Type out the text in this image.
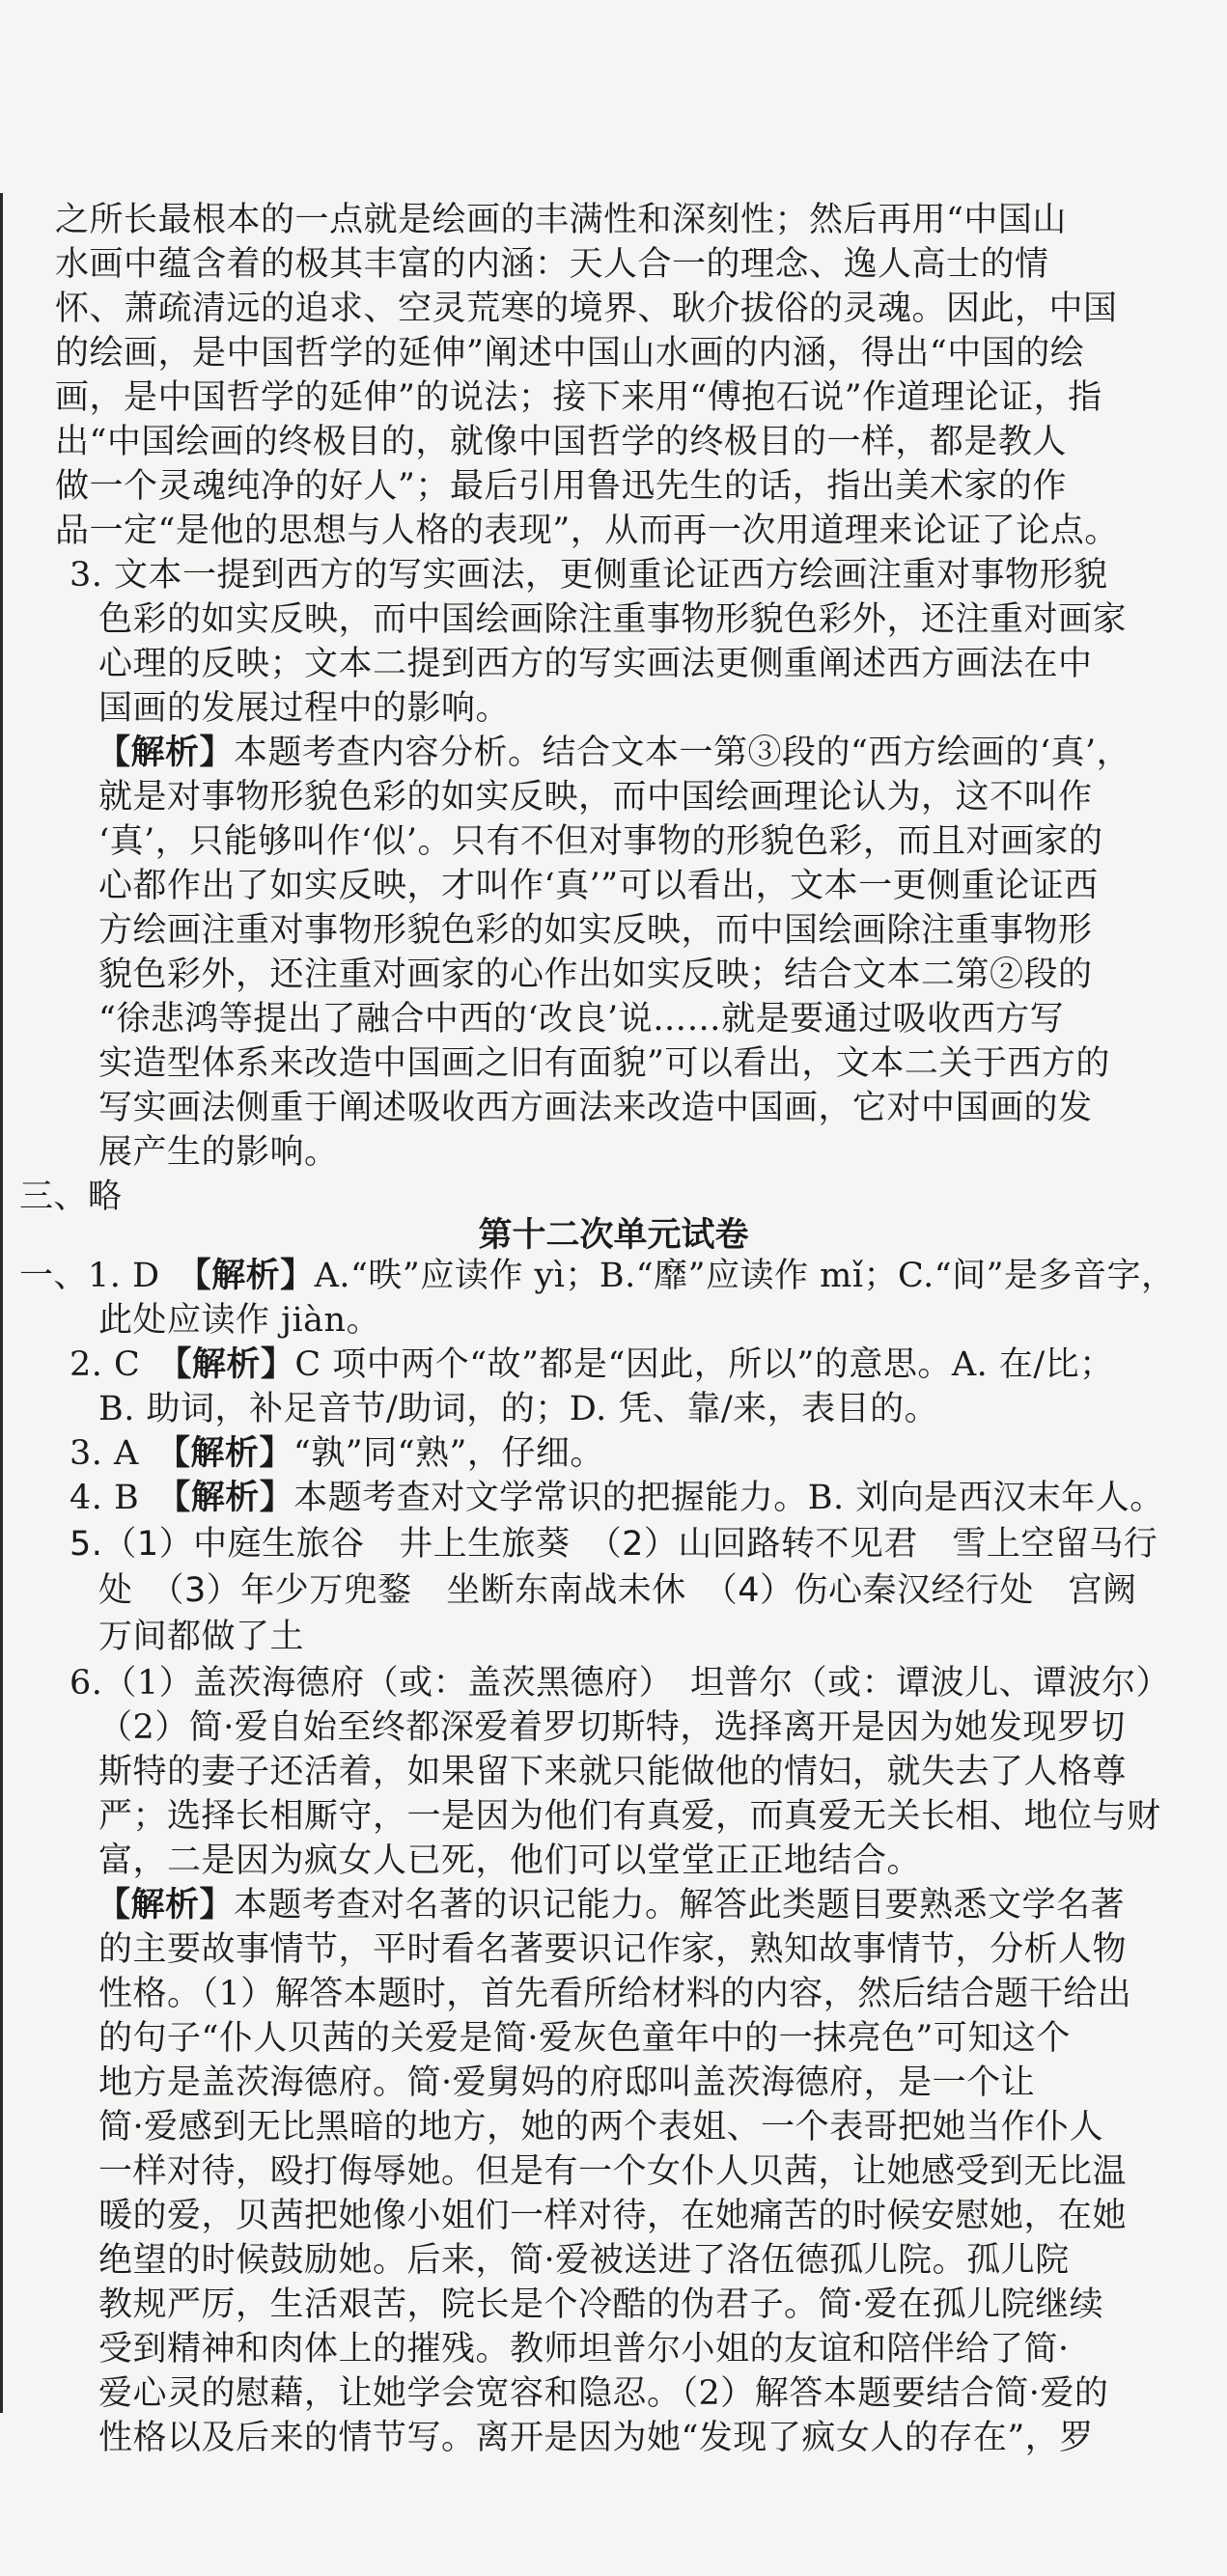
之所长最根本的一点就是绘画的丰满性和深刻性；然后再用“中国山
水画中蕴含着的极其丰富的内涵：天人合一的理念、逸人高士的情
怀、萧疏清远的追求、空灵荒寒的境界、耿介拔俗的灵魂。因此，中国
的绘画，是中国哲学的延伸”阐述中国山水画的内涵，得出“中国的绘
画，是中国哲学的延伸”的说法；接下来用“傅抱石说”作道理论证，指
出“中国绘画的终极目的，就像中国哲学的终极目的一样，都是教人
做一个灵魂纯净的好人”；最后引用鲁迅先生的话，指出美术家的作
品一定“是他的思想与人格的表现”，从而再一次用道理来论证了论点。
3. 文本一提到西方的写实画法，更侧重论证西方绘画注重对事物形貌
色彩的如实反映，而中国绘画除注重事物形貌色彩外，还注重对画家
心理的反映；文本二提到西方的写实画法更侧重阐述西方画法在中
国画的发展过程中的影响。
【解析】本题考查内容分析。结合文本一第③段的“西方绘画的‘真’，
就是对事物形貌色彩的如实反映，而中国绘画理论认为，这不叫作
‘真’，只能够叫作‘似’。只有不但对事物的形貌色彩，而且对画家的
心都作出了如实反映，才叫作‘真’”可以看出，文本一更侧重论证西
方绘画注重对事物形貌色彩的如实反映，而中国绘画除注重事物形
貌色彩外，还注重对画家的心作出如实反映；结合文本二第②段的
“徐悲鸿等提出了融合中西的‘改良’说……就是要通过吸收西方写
实造型体系来改造中国画之旧有面貌”可以看出，文本二关于西方的
写实画法侧重于阐述吸收西方画法来改造中国画，它对中国画的发
展产生的影响。
三、略
第十二次单元试卷
一、1. D　 【解析】A.“昳”应读作 yì；B.“靡”应读作 mǐ；C.“间”是多音字，
此处应读作 jiàn。
2. C　 【解析】C 项中两个“故”都是“因此，所以”的意思。A. 在/比；
B. 助词，补足音节/助词，的；D. 凭、靠/来，表目的。
3. A　 【解析】“孰”同“熟”，仔细。
4. B　 【解析】本题考查对文学常识的把握能力。B. 刘向是西汉末年人。
5.（1）中庭生旅谷　井上生旅葵　（2）山回路转不见君　雪上空留马行
处　（3）年少万兜鍪　坐断东南战未休　（4）伤心秦汉经行处　宫阙
万间都做了土
6.（1）盖茨海德府（或：盖茨黑德府）　坦普尔（或：谭波儿、谭波尔）
（2）简·爱自始至终都深爱着罗切斯特，选择离开是因为她发现罗切
斯特的妻子还活着，如果留下来就只能做他的情妇，就失去了人格尊
严；选择长相厮守，一是因为他们有真爱，而真爱无关长相、地位与财
富，二是因为疯女人已死，他们可以堂堂正正地结合。
【解析】本题考查对名著的识记能力。解答此类题目要熟悉文学名著
的主要故事情节，平时看名著要识记作家，熟知故事情节，分析人物
性格。（1）解答本题时，首先看所给材料的内容，然后结合题干给出
的句子“仆人贝茜的关爱是简·爱灰色童年中的一抹亮色”可知这个
地方是盖茨海德府。简·爱舅妈的府邸叫盖茨海德府，是一个让
简·爱感到无比黑暗的地方，她的两个表姐、一个表哥把她当作仆人
一样对待，殴打侮辱她。但是有一个女仆人贝茜，让她感受到无比温
暖的爱，贝茜把她像小姐们一样对待，在她痛苦的时候安慰她，在她
绝望的时候鼓励她。后来，简·爱被送进了洛伍德孤儿院。孤儿院
教规严厉，生活艰苦，院长是个冷酷的伪君子。简·爱在孤儿院继续
受到精神和肉体上的摧残。教师坦普尔小姐的友谊和陪伴给了简·
爱心灵的慰藉，让她学会宽容和隐忍。（2）解答本题要结合简·爱的
性格以及后来的情节写。离开是因为她“发现了疯女人的存在”，罗
